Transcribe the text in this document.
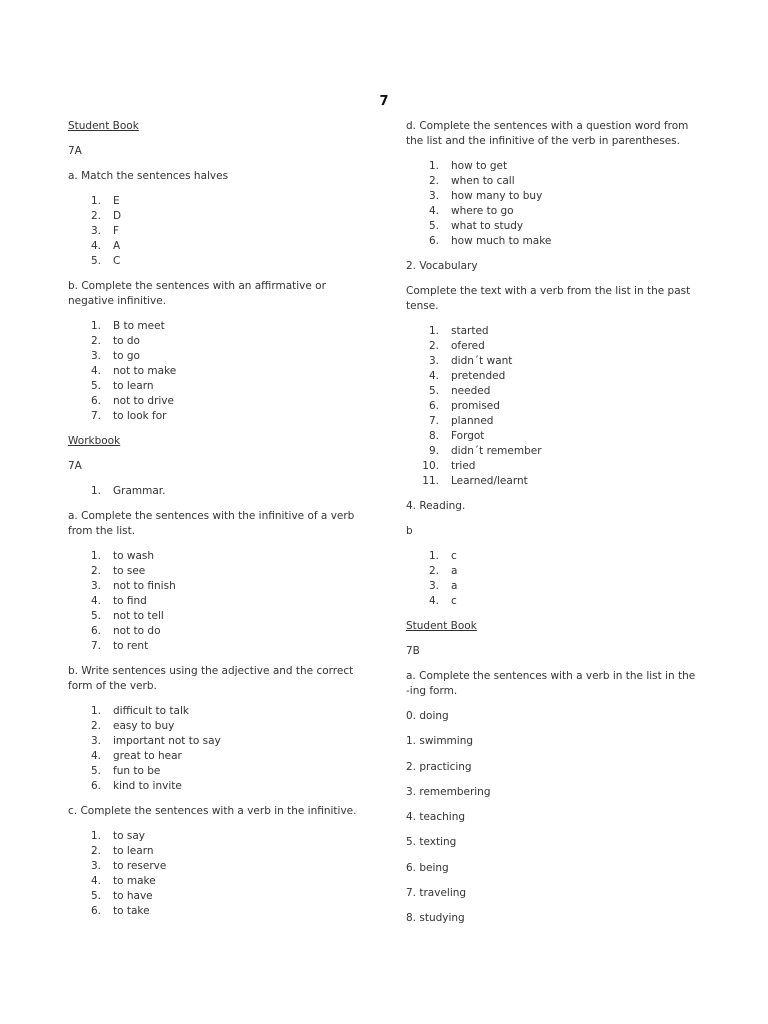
7

Student Book

7A

a. Match the sentences halves

1. E
2. D
3. F
4. A
5. C

b. Complete the sentences with an affirmative or negative infinitive.

1. B to meet
2. to do
3. to go
4. not to make
5. to learn
6. not to drive
7. to look for

Workbook

7A

1. Grammar.

a. Complete the sentences with the infinitive of a verb from the list.

1. to wash
2. to see
3. not to finish
4. to find
5. not to tell
6. not to do
7. to rent

b. Write sentences using the adjective and the correct form of the verb.

1. difficult to talk
2. easy to buy
3. important not to say
4. great to hear
5. fun to be
6. kind to invite

c. Complete the sentences with a verb in the infinitive.

1. to say
2. to learn
3. to reserve
4. to make
5. to have
6. to take

d. Complete the sentences with a question word from the list and the infinitive of the verb in parentheses.

1. how to get
2. when to call
3. how many to buy
4. where to go
5. what to study
6. how much to make

2. Vocabulary

Complete the text with a verb from the list in the past tense.

1. started
2. ofered
3. didn´t want
4. pretended
5. needed
6. promised
7. planned
8. Forgot
9. didn´t remember
10. tried
11. Learned/learnt

4. Reading.

b

1. c
2. a
3. a
4. c

Student Book

7B

a. Complete the sentences with a verb in the list in the -ing form.

0. doing

1. swimming

2. practicing

3. remembering

4. teaching

5. texting

6. being

7. traveling

8. studying
